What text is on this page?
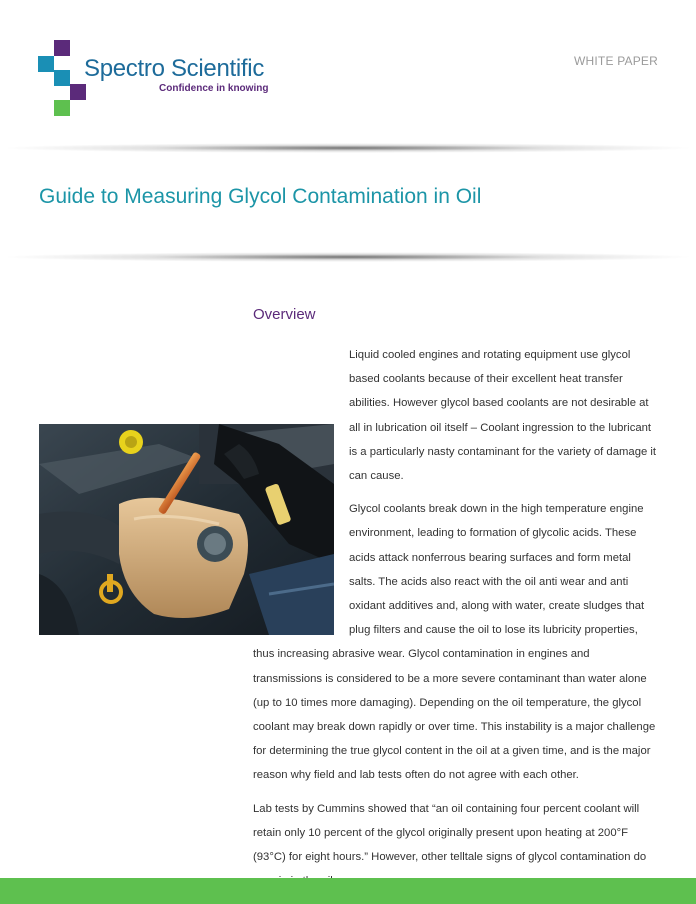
Spectro Scientific
Confidence in knowing
WHITE PAPER
Guide to Measuring Glycol Contamination in Oil
Overview

Liquid cooled engines and rotating equipment use glycol based coolants because of their excellent heat transfer abilities. However glycol based coolants are not desirable at all in lubrication oil itself – Coolant ingression to the lubricant is a particularly nasty contaminant for the variety of damage it can cause.

Glycol coolants break down in the high temperature engine environment, leading to formation of glycolic acids. These acids attack nonferrous bearing surfaces and form metal salts. The acids also react with the oil anti wear and anti oxidant additives and, along with water, create sludges that plug filters and cause the oil to lose its lubricity properties, thus increasing abrasive wear. Glycol contamination in engines and transmissions is considered to be a more severe contaminant than water alone (up to 10 times more damaging). Depending on the oil temperature, the glycol coolant may break down rapidly or over time. This instability is a major challenge for determining the true glycol content in the oil at a given time, and is the major reason why field and lab tests often do not agree with each other.

Lab tests by Cummins showed that “an oil containing four percent coolant will retain only 10 percent of the glycol originally present upon heating at 200°F (93°C) for eight hours.” However, other telltale signs of glycol contamination do
